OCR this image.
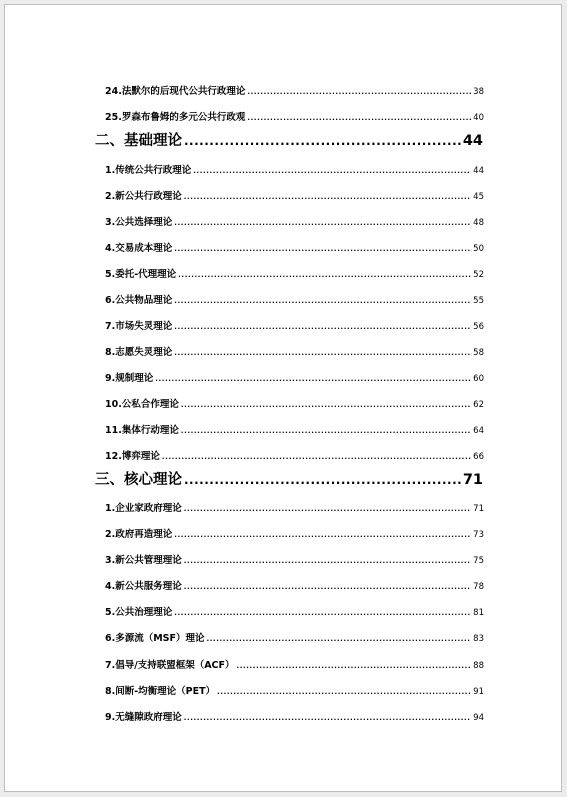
24.法默尔的后现代公共行政理论 .....	38
25.罗森布鲁姆的多元公共行政观 .....	40
二、基础理论 .....	44
1.传统公共行政理论 .....	44
2.新公共行政理论 .....	45
3.公共选择理论 .....	48
4.交易成本理论 .....	50
5.委托-代理理论 .....	52
6.公共物品理论 .....	55
7.市场失灵理论 .....	56
8.志愿失灵理论 .....	58
9.规制理论 .....	60
10.公私合作理论 .....	62
11.集体行动理论 .....	64
12.博弈理论 .....	66
三、核心理论 .....	71
1.企业家政府理论 .....	71
2.政府再造理论 .....	73
3.新公共管理理论 .....	75
4.新公共服务理论 .....	78
5.公共治理理论 .....	81
6.多源流（MSF）理论 .....	83
7.倡导/支持联盟框架（ACF） .....	88
8.间断-均衡理论（PET） .....	91
9.无缝隙政府理论 .....	94
